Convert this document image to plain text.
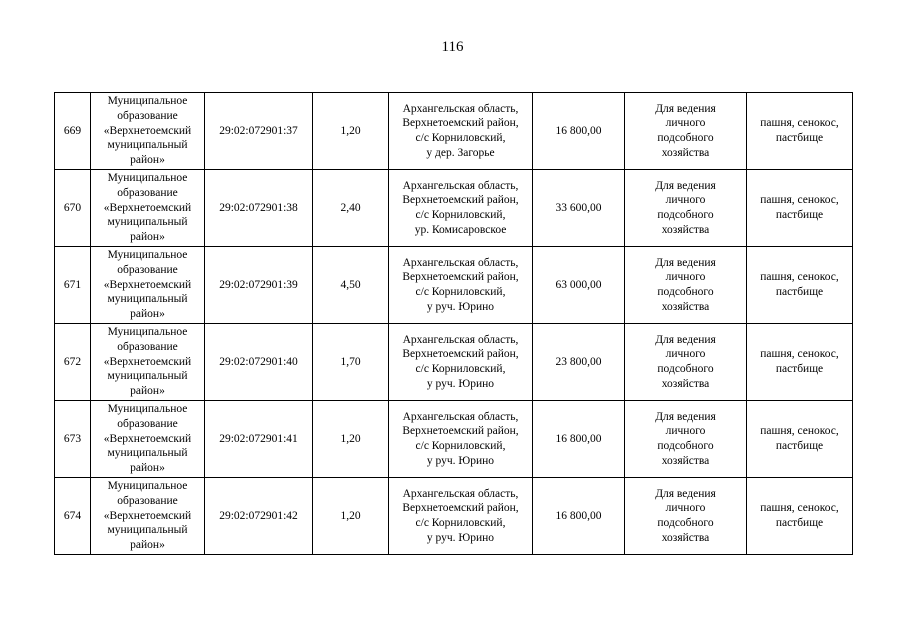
116
669	Муниципальное
образование
«Верхнетоемский
муниципальный
район»	29:02:072901:37	1,20	Архангельская область,
Верхнетоемский район,
с/с Корниловский,
у дер. Загорье	16 800,00	Для ведения
личного
подсобного
хозяйства	пашня, сенокос,
пастбище
670	Муниципальное
образование
«Верхнетоемский
муниципальный
район»	29:02:072901:38	2,40	Архангельская область,
Верхнетоемский район,
с/с Корниловский,
ур. Комисаровское	33 600,00	Для ведения
личного
подсобного
хозяйства	пашня, сенокос,
пастбище
671	Муниципальное
образование
«Верхнетоемский
муниципальный
район»	29:02:072901:39	4,50	Архангельская область,
Верхнетоемский район,
с/с Корниловский,
у руч. Юрино	63 000,00	Для ведения
личного
подсобного
хозяйства	пашня, сенокос,
пастбище
672	Муниципальное
образование
«Верхнетоемский
муниципальный
район»	29:02:072901:40	1,70	Архангельская область,
Верхнетоемский район,
с/с Корниловский,
у руч. Юрино	23 800,00	Для ведения
личного
подсобного
хозяйства	пашня, сенокос,
пастбище
673	Муниципальное
образование
«Верхнетоемский
муниципальный
район»	29:02:072901:41	1,20	Архангельская область,
Верхнетоемский район,
с/с Корниловский,
у руч. Юрино	16 800,00	Для ведения
личного
подсобного
хозяйства	пашня, сенокос,
пастбище
674	Муниципальное
образование
«Верхнетоемский
муниципальный
район»	29:02:072901:42	1,20	Архангельская область,
Верхнетоемский район,
с/с Корниловский,
у руч. Юрино	16 800,00	Для ведения
личного
подсобного
хозяйства	пашня, сенокос,
пастбище
